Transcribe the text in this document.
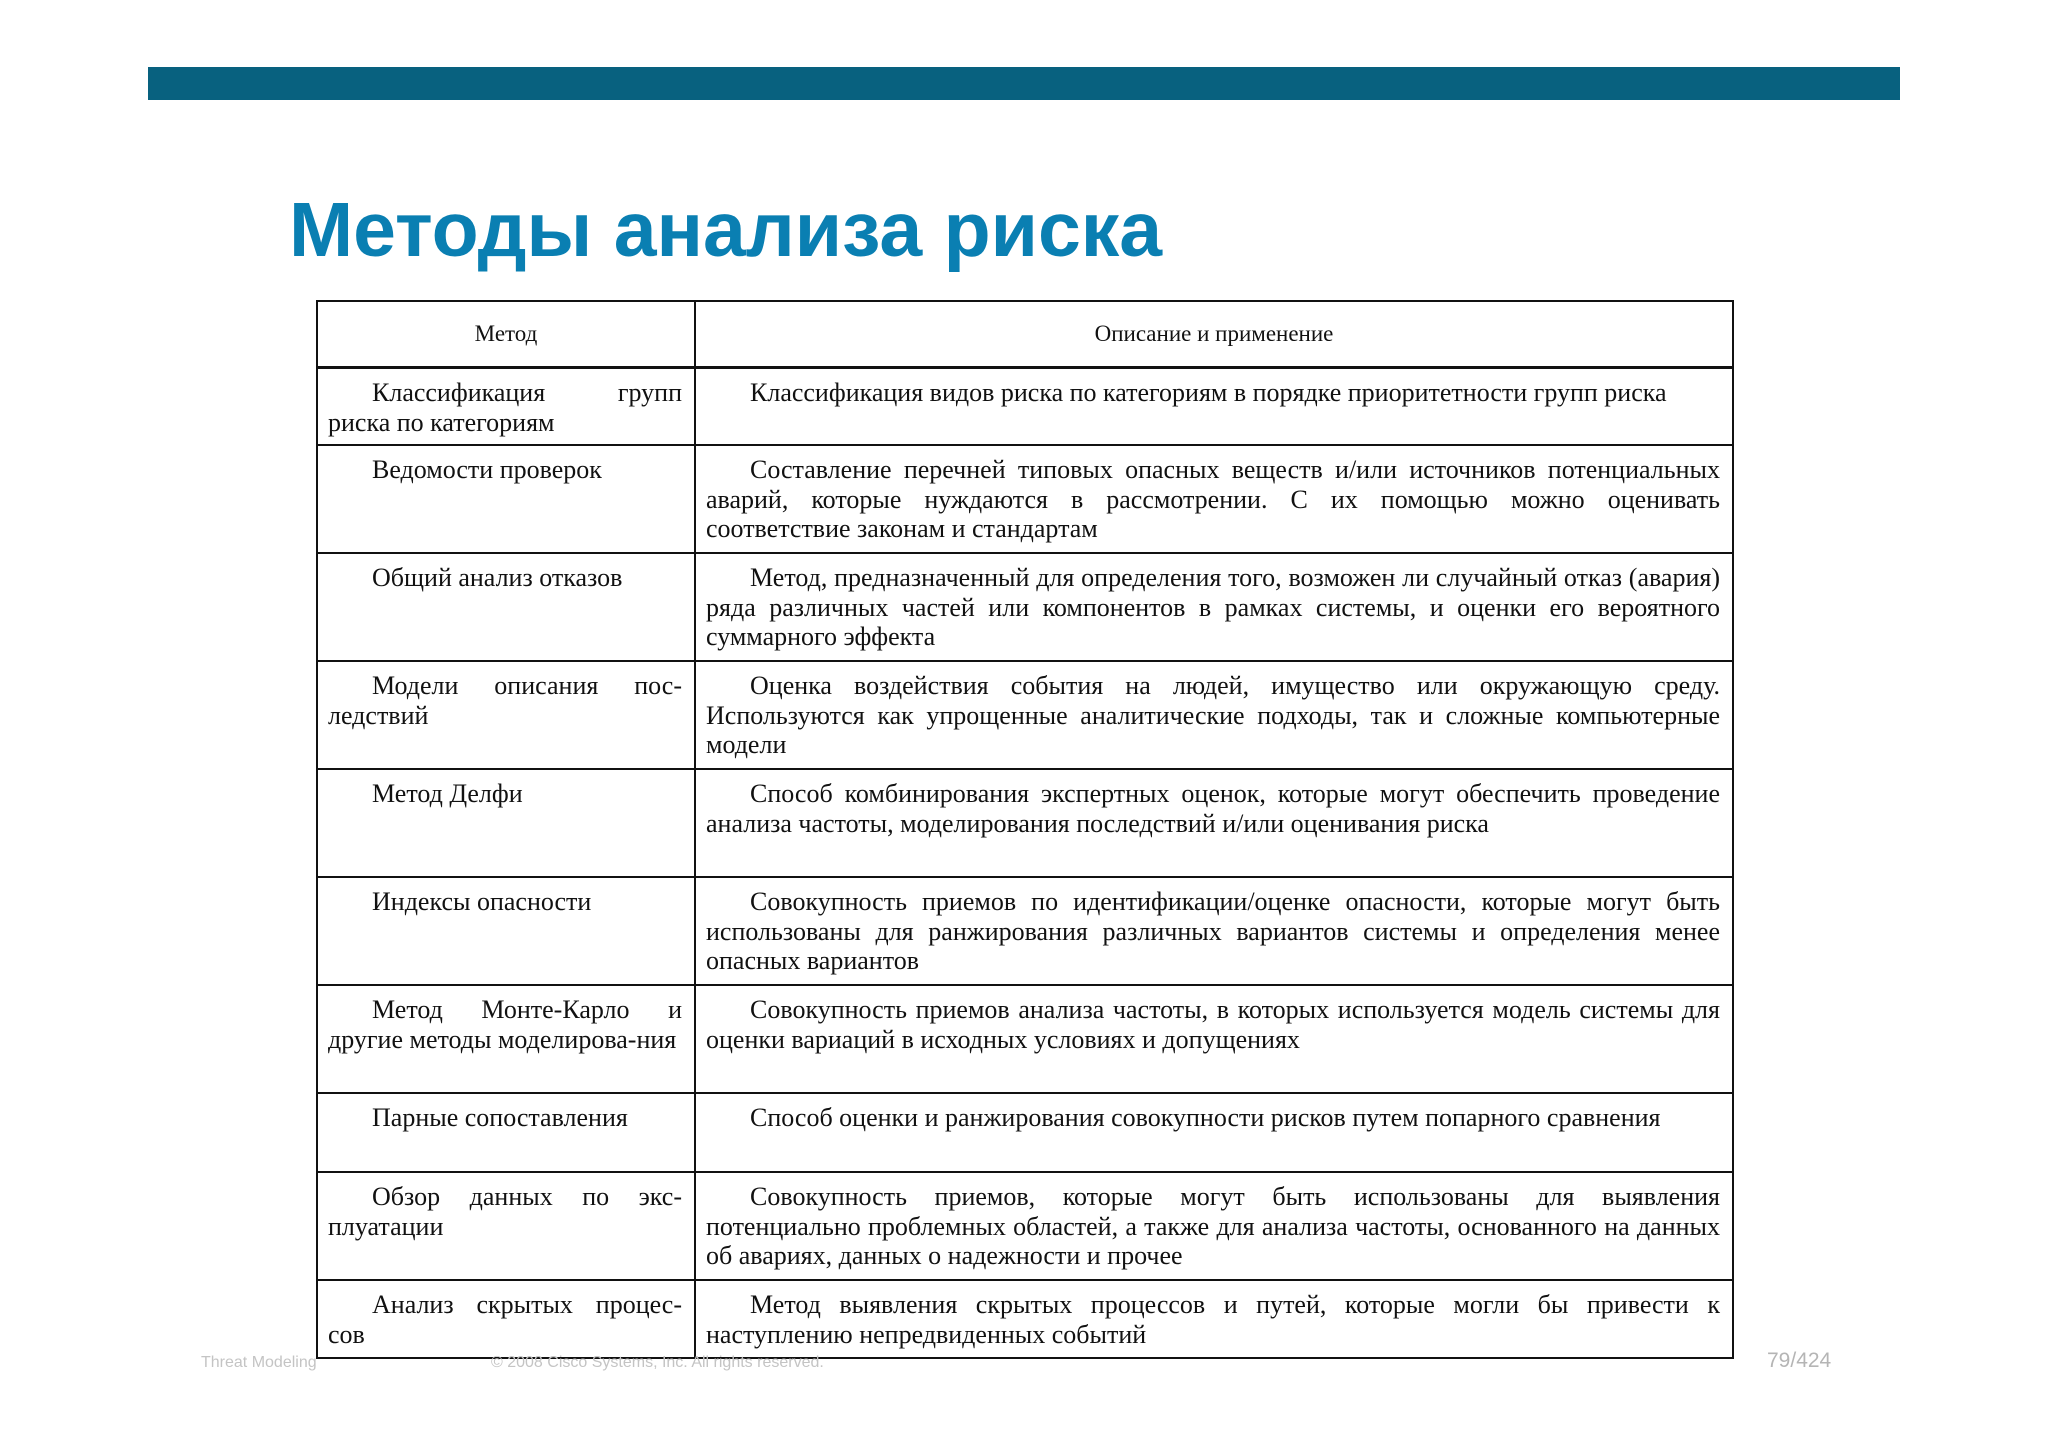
Методы анализа риска
Метод	Описание и применение
Классификация групп риска по категориям	Классификация видов риска по категориям в порядке приоритетности групп риска
Ведомости проверок	Составление перечней типовых опасных веществ и/или источников потенциальных аварий, которые нуждаются в рассмотрении. С их помощью можно оценивать соответствие законам и стандартам
Общий анализ отказов	Метод, предназначенный для определения того, возможен ли случайный отказ (авария) ряда различных частей или компонентов в рамках системы, и оценки его вероятного суммарного эффекта
Модели описания пос-ледствий	Оценка воздействия события на людей, имущество или окружающую среду. Используются как упрощенные аналитические подходы, так и сложные компьютерные модели
Метод Делфи	Способ комбинирования экспертных оценок, которые могут обеспечить проведение анализа частоты, моделирования последствий и/или оценивания риска
Индексы опасности	Совокупность приемов по идентификации/оценке опасности, которые могут быть использованы для ранжирования различных вариантов системы и определения менее опасных вариантов
Метод Монте-Карло и другие методы моделирова-ния	Совокупность приемов анализа частоты, в которых используется модель системы для оценки вариаций в исходных условиях и допущениях
Парные сопоставления	Способ оценки и ранжирования совокупности рисков путем попарного сравнения
Обзор данных по экс-плуатации	Совокупность приемов, которые могут быть использованы для выявления потенциально проблемных областей, а также для анализа частоты, основанного на данных об авариях, данных о надежности и прочее
Анализ скрытых процес-сов	Метод выявления скрытых процессов и путей, которые могли бы привести к наступлению непредвиденных событий
Threat Modeling	© 2008 Cisco Systems, Inc. All rights reserved.	79/424
